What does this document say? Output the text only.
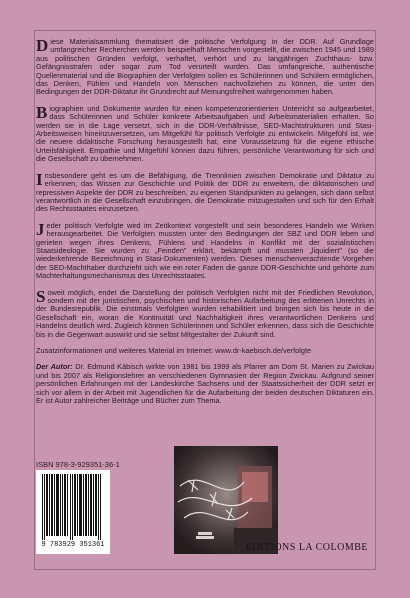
Diese Materialsammlung thematisiert die politische Verfolgung in der DDR. Auf Grundlage umfangreicher Recherchen werden beispielhaft Menschen vorgestellt, die zwischen 1945 und 1989 aus politischen Gründen verfolgt, verhaftet, verhört und zu langjährigen Zuchthaus- bzw. Gefängnisstrafen oder sogar zum Tod verurteilt wurden. Das umfangreiche, authentische Quellenmaterial und die Biographien der Verfolgten sollen es Schülerinnen und Schülern ermöglichen, das Denken, Fühlen und Handeln von Menschen nachvollziehen zu können, die unter den Bedingungen der DDR-Diktatur ihr Grundrecht auf Meinungsfreiheit wahrgenommen haben.

Biographien und Dokumente wurden für einen kompetenzorientierten Unterricht so aufgearbeitet, dass Schülerinnen und Schüler konkrete Arbeitsaufgaben und Arbeitsmaterialien erhalten. So werden sie in die Lage versetzt, sich in die DDR-Verhältnisse, SED-Machtstrukturen und Stasi-Arbeitsweisen hineinzuversetzen, um Mitgefühl für politisch Verfolgte zu entwickeln. Mitgefühl ist, wie die neuere didaktische Forschung herausgestellt hat, eine Voraussetzung für die eigene ethische Urteilsfähigkeit. Empathie und Mitgefühl können dazu führen, persönliche Verantwortung für sich und die Gesellschaft zu übernehmen.

Insbesondere geht es um die Befähigung, die Trennlinien zwischen Demokratie und Diktatur zu erkennen, das Wissen zur Geschichte und Politik der DDR zu erweitern, die diktatorischen und repressiven Aspekte der DDR zu beschreiben, zu eigenen Standpunkten zu gelangen, sich dann selbst verantwortlich in die Gesellschaft einzubringen, die Demokratie mitzugestalten und sich für den Erhalt des Rechtsstaates einzusetzen.

Jeder politisch Verfolgte wird im Zeitkontext vorgestellt und sein besonderes Handeln wie Wirken herausgearbeitet. Die Verfolgten mussten unter den Bedingungen der SBZ und DDR leben und gerieten wegen ihres Denkens, Fühlens und Handelns in Konflikt mit der sozialistischen Staatsideologie. Sie wurden zu „Feinden" erklärt, bekämpft und mussten „liquidiert" (so die wiederkehrende Bezeichnung in Stasi-Dokumenten) werden. Dieses menschenverachtende Vorgehen der SED-Machthaber durchzieht sich wie ein roter Faden die ganze DDR-Geschichte und gehörte zum Machterhaltungsmechanismus des Unrechtsstaates.

Soweit möglich, endet die Darstellung der politisch Verfolgten nicht mit der Friedlichen Revolution, sondern mit der juristischen, psychischen und historischen Aufarbeitung des erlittenen Unrechts in der Bundesrepublik. Die einstmals Verfolgten wurden rehabilitiert und bringen sich bis heute in die Gesellschaft ein, woran die Kontinuität und Nachhaltigkeit ihres verantwortlichen Denkens und Handelns deutlich wird. Zugleich können Schülerinnen und Schüler erkennen, dass sich die Geschichte bis in die Gegenwart auswirkt und sie selbst Mitgestalter der Zukunft sind.

Zusatzinformationen und weiteres Material im Internet: www.dr-kaebisch.de/verfolgte

Der Autor: Dr. Edmund Käbisch wirkte von 1981 bis 1999 als Pfarrer am Dom St. Marien zu Zwickau und bis 2007 als Religionslehrer an verschiedenen Gymnasien der Region Zwickau. Aufgrund seiner persönlichen Erfahrungen mit der Landeskirche Sachsens und der Staatssicherheit der DDR setzt er sich vor allem in der Arbeit mit Jugendlichen für die Aufarbeitung der beiden deutschen Diktaturen ein. Er ist Autor zahlreicher Beiträge und Bücher zum Thema.

ISBN 978-3-929351-36-1
9 783929 351361	EDITIONS LA COLOMBE
